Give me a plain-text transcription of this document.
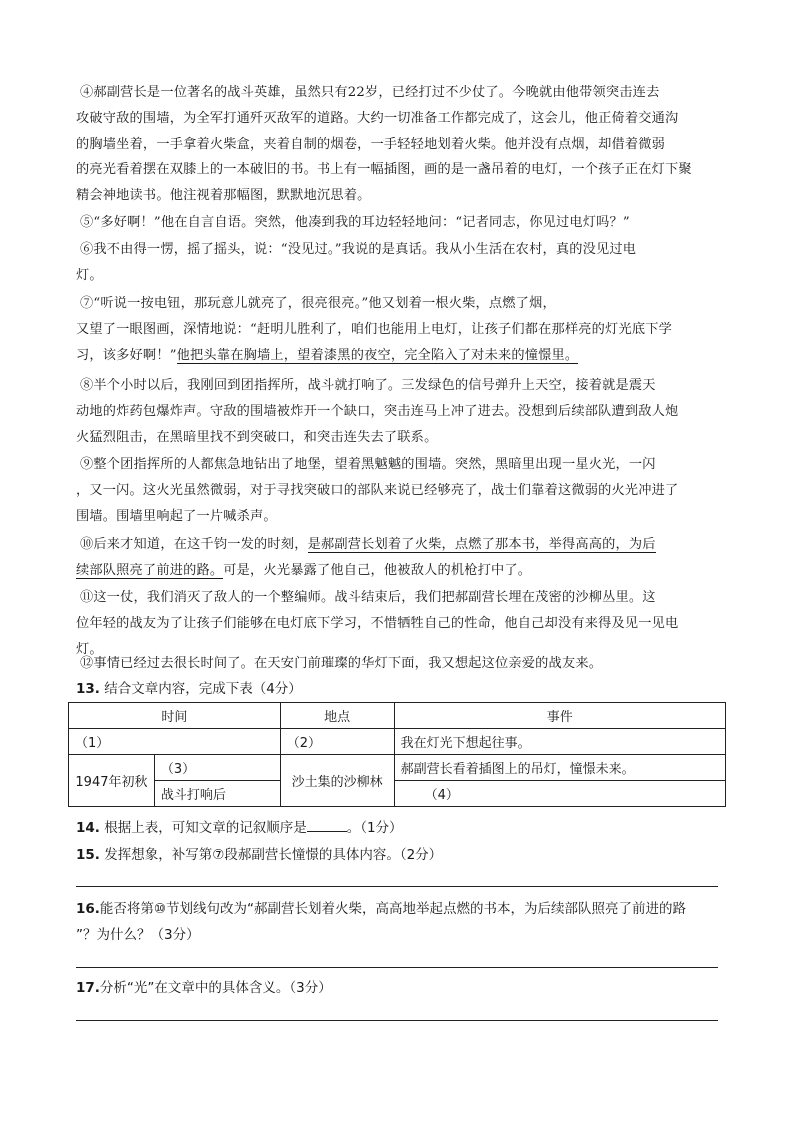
④郝副营长是一位著名的战斗英雄，虽然只有22岁，已经打过不少仗了。今晚就由他带领突击连去
攻破守敌的围墙，为全军打通歼灭敌军的道路。大约一切准备工作都完成了，这会儿，他正倚着交通沟
的胸墙坐着，一手拿着火柴盒，夹着自制的烟卷，一手轻轻地划着火柴。他并没有点烟，却借着微弱
的亮光看着摆在双膝上的一本破旧的书。书上有一幅插图，画的是一盏吊着的电灯，一个孩子正在灯下聚
精会神地读书。他注视着那幅图，默默地沉思着。
⑤“多好啊！”他在自言自语。突然，他凑到我的耳边轻轻地问：“记者同志，你见过电灯吗？”
⑥我不由得一愣，摇了摇头，说：“没见过。”我说的是真话。我从小生活在农村，真的没见过电
灯。
⑦“听说一按电钮，那玩意儿就亮了，很亮很亮。”他又划着一根火柴，点燃了烟，
又望了一眼图画，深情地说：“赶明儿胜利了，咱们也能用上电灯，让孩子们都在那样亮的灯光底下学
习，该多好啊！”他把头靠在胸墙上，望着漆黑的夜空，完全陷入了对未来的憧憬里。
⑧半个小时以后，我刚回到团指挥所，战斗就打响了。三发绿色的信号弹升上天空，接着就是震天
动地的炸药包爆炸声。守敌的围墙被炸开一个缺口，突击连马上冲了进去。没想到后续部队遭到敌人炮
火猛烈阻击，在黑暗里找不到突破口，和突击连失去了联系。
⑨整个团指挥所的人都焦急地钻出了地堡，望着黑魆魆的围墙。突然，黑暗里出现一星火光，一闪
，又一闪。这火光虽然微弱，对于寻找突破口的部队来说已经够亮了，战士们靠着这微弱的火光冲进了
围墙。围墙里响起了一片喊杀声。
⑩后来才知道，在这千钧一发的时刻，是郝副营长划着了火柴，点燃了那本书，举得高高的，为后
续部队照亮了前进的路。可是，火光暴露了他自己，他被敌人的机枪打中了。
⑪这一仗，我们消灭了敌人的一个整编师。战斗结束后，我们把郝副营长埋在茂密的沙柳丛里。这
位年轻的战友为了让孩子们能够在电灯底下学习，不惜牺牲自己的性命，他自己却没有来得及见一见电
灯。
⑫事情已经过去很长时间了。在天安门前璀璨的华灯下面，我又想起这位亲爱的战友来。
13. 结合文章内容，完成下表（4分）
时间		地点	事件
（1）		（2）	我在灯光下想起往事。
1947年初秋	（3）	沙土集的沙柳林	郝副营长看着插图上的吊灯，憧憬未来。
	战斗打响后		（4）
14. 根据上表，可知文章的记叙顺序是	。（1分）
15. 发挥想象，补写第⑦段郝副营长憧憬的具体内容。（2分）
16.能否将第⑩节划线句改为“郝副营长划着火柴，高高地举起点燃的书本，为后续部队照亮了前进的路
”？为什么？（3分）
17.分析“光”在文章中的具体含义。（3分）
